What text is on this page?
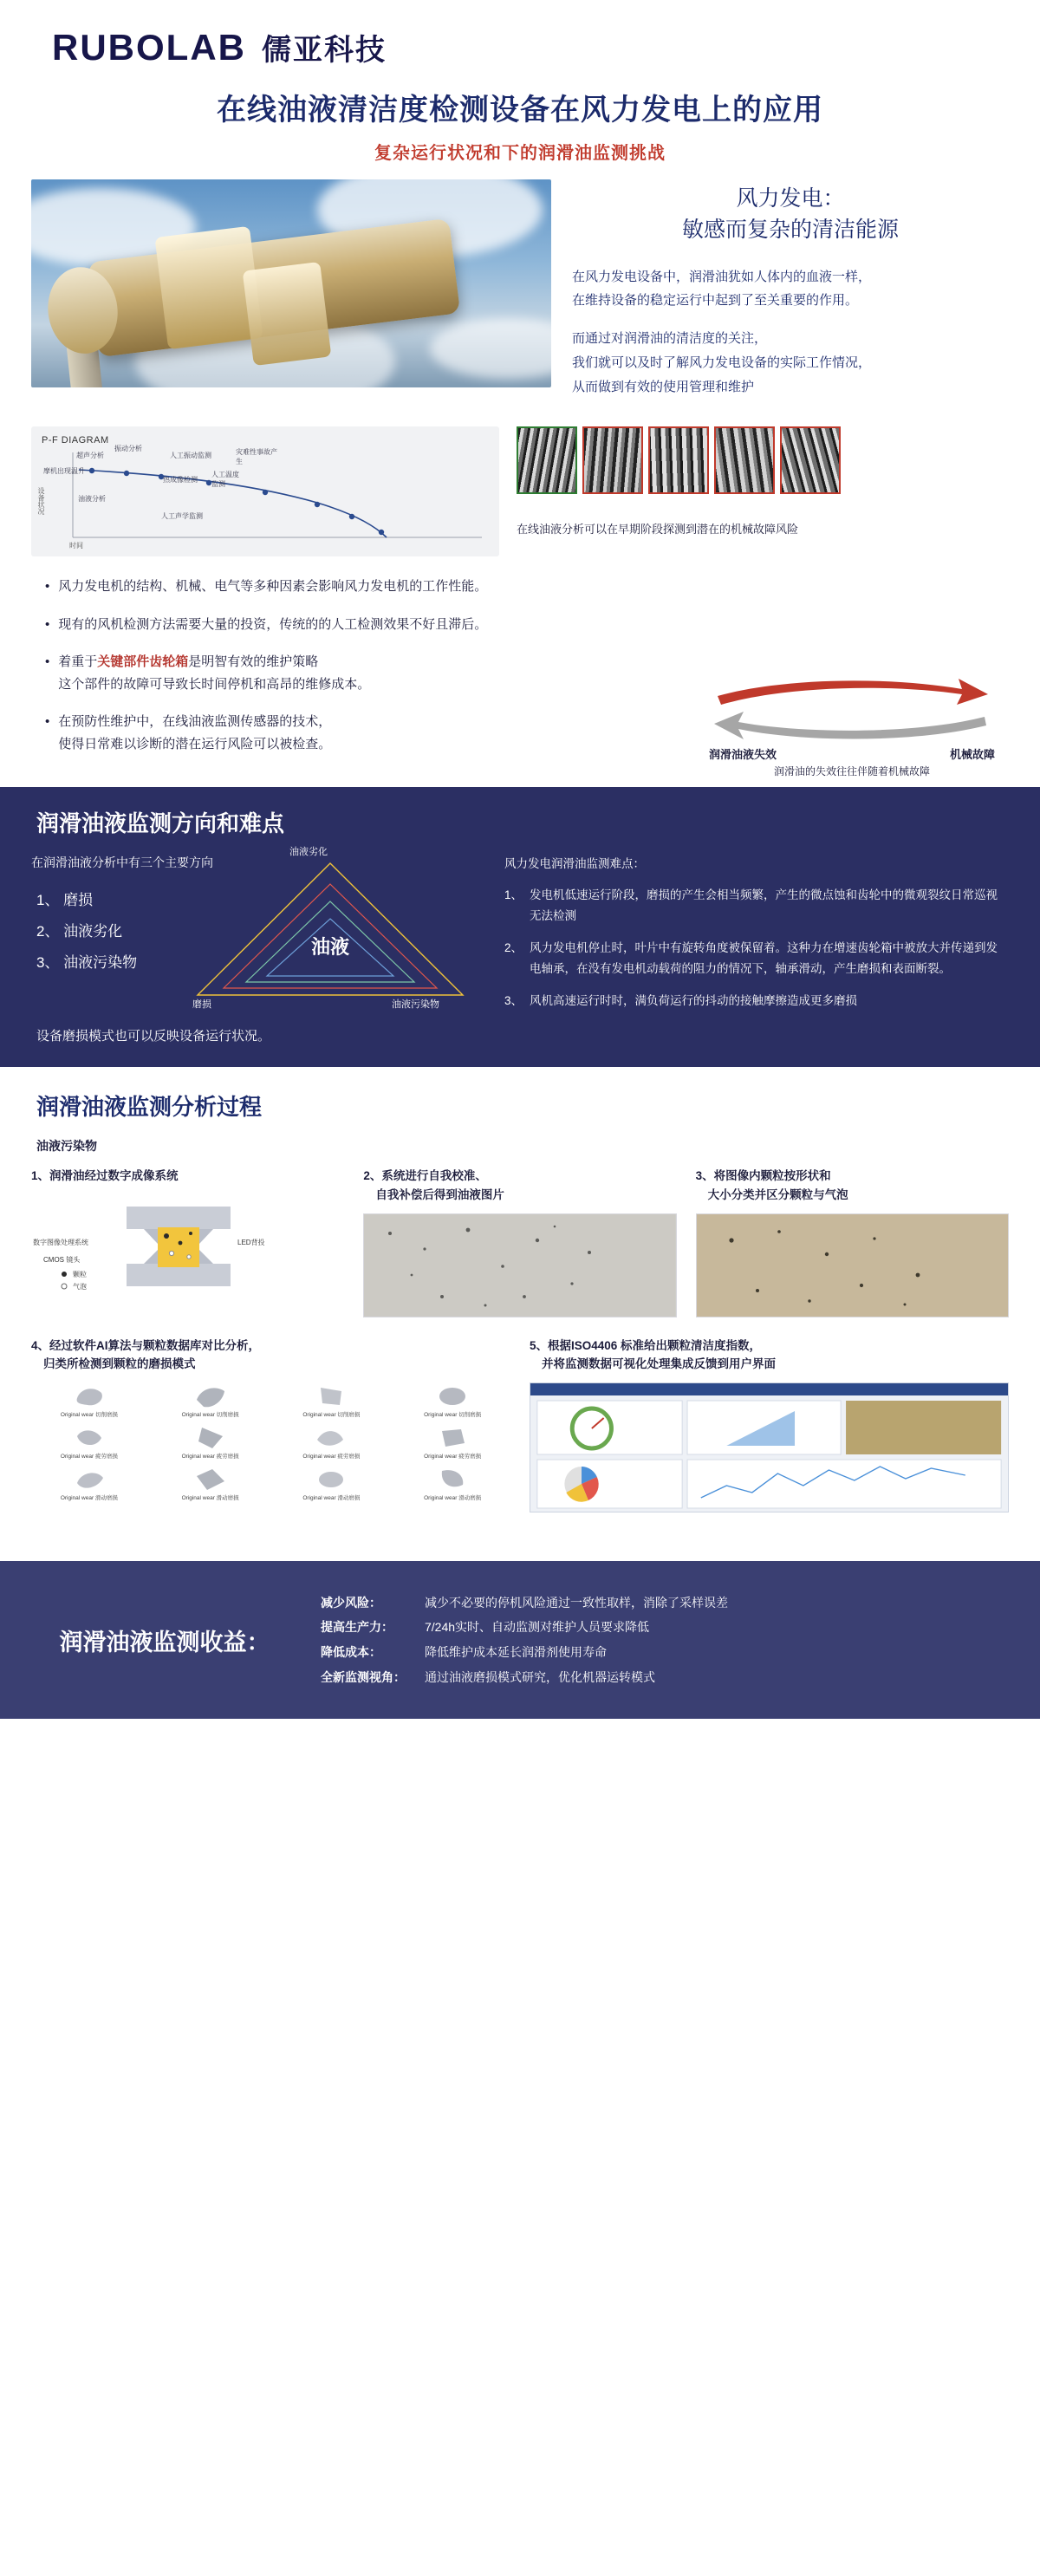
RUBOLAB 儒亚科技
在线油液清洁度检测设备在风力发电上的应用
复杂运行状况和下的润滑油监测挑战
风力发电：
敏感而复杂的清洁能源
在风力发电设备中，润滑油犹如人体内的血液一样，
在维持设备的稳定运行中起到了至关重要的作用。
而通过对润滑油的清洁度的关注，
我们就可以及时了解风力发电设备的实际工作情况，
从而做到有效的使用管理和维护
P-F DIAGRAM
超声分析
振动分析
人工振动监测	灾难性事故产生
摩机出现温升
热成像检测
人工温度监测
油液分析
人工声学监测
设备状况
时间
在线油液分析可以在早期阶段探测到潜在的机械故障风险
• 风力发电机的结构、机械、电气等多种因素会影响风力发电机的工作性能。
• 现有的风机检测方法需要大量的投资，传统的的人工检测效果不好且滞后。
• 着重于关键部件齿轮箱是明智有效的维护策略
这个部件的故障可导致长时间停机和高昂的维修成本。
• 在预防性维护中，在线油液监测传感器的技术，
使得日常难以诊断的潜在运行风险可以被检查。
润滑油液失效	机械故障
润滑油的失效往往伴随着机械故障
润滑油液监测方向和难点
在润滑油液分析中有三个主要方向
1、 磨损
2、 油液劣化
3、 油液污染物
油液
油液劣化
磨损	油液污染物
设备磨损模式也可以反映设备运行状况。
风力发电润滑油监测难点：
1、 发电机低速运行阶段，磨损的产生会相当频繁，产生的微点蚀和齿轮中的微观裂纹日常巡视无法检测
2、 风力发电机停止时，叶片中有旋转角度被保留着。这种力在增速齿轮箱中被放大并传递到发电轴承，在没有发电机动载荷的阻力的情况下，轴承滑动，产生磨损和表面断裂。
3、 风机高速运行时时，满负荷运行的抖动的接触摩擦造成更多磨损
润滑油液监测分析过程
油液污染物
1、润滑油经过数字成像系统
数字图像处理系统
CMOS 镜头
LED背投
颗粒
气泡
2、系统进行自我校准、
自我补偿后得到油液图片
3、将图像内颗粒按形状和
大小分类并区分颗粒与气泡
4、经过软件AI算法与颗粒数据库对比分析，
归类所检测到颗粒的磨损模式
Original wear 切削磨损	Original wear 切削磨损	Original wear 切削磨损	Original wear 切削磨损
Original wear 疲劳磨损	Original wear 疲劳磨损	Original wear 疲劳磨损	Original wear 疲劳磨损
Original wear 滑动磨损	Original wear 滑动磨损	Original wear 滑动磨损	Original wear 滑动磨损
5、根据ISO4406 标准给出颗粒清洁度指数，
并将监测数据可视化处理集成反馈到用户界面
润滑油液监测收益：
减少风险：	减少不必要的停机风险通过一致性取样，消除了采样误差
提高生产力：	7/24h实时、自动监测对维护人员要求降低
降低成本：	降低维护成本延长润滑剂使用寿命
全新监测视角：	通过油液磨损模式研究，优化机器运转模式
